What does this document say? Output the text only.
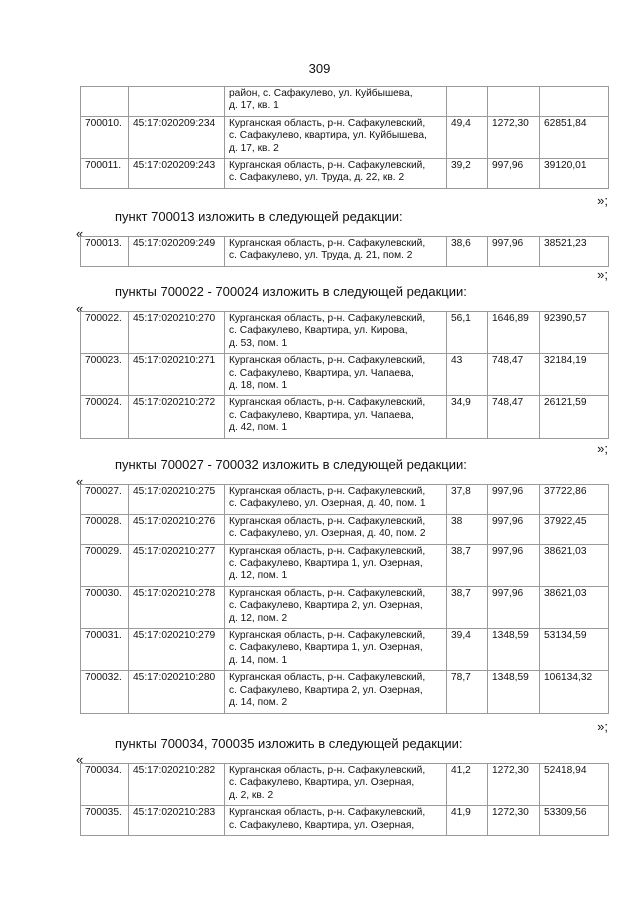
309

		район, с. Сафакулево, ул. Куйбышева,
д. 17, кв. 1			

700010.	45:17:020209:234	Курганская область, р-н. Сафакулевский,
с. Сафакулево, квартира, ул. Куйбышева,
д. 17, кв. 2	49,4	1272,30	62851,84
700011.	45:17:020209:243	Курганская область, р-н. Сафакулевский,
с. Сафакулево, ул. Труда, д. 22, кв. 2	39,2	997,96	39120,01
»;
пункт 700013 изложить в следующей редакции:
«
700013.	45:17:020209:249	Курганская область, р-н. Сафакулевский,
с. Сафакулево, ул. Труда, д. 21, пом. 2
	38,6	997,96	38521,23
»;
пункты 700022 - 700024 изложить в следующей редакции:
«
700022.	45:17:020210:270	Курганская область, р-н. Сафакулевский,
с. Сафакулево, Квартира, ул. Кирова,
д. 53, пом. 1	56,1	1646,89	92390,57
700023.	45:17:020210:271	Курганская область, р-н. Сафакулевский,
с. Сафакулево, Квартира, ул. Чапаева,
д. 18, пом. 1	43	748,47	32184,19
700024.	45:17:020210:272	Курганская область, р-н. Сафакулевский,
с. Сафакулево, Квартира, ул. Чапаева,
д. 42, пом. 1	34,9	748,47	26121,59
»;
пункты 700027 - 700032 изложить в следующей редакции:
«
700027.	45:17:020210:275	Курганская область, р-н. Сафакулевский,
с. Сафакулево, ул. Озерная, д. 40, пом. 1	37,8	997,96	37722,86
700028.	45:17:020210:276	Курганская область, р-н. Сафакулевский,
с. Сафакулево, ул. Озерная, д. 40, пом. 2	38	997,96	37922,45
700029.	45:17:020210:277	Курганская область, р-н. Сафакулевский,
с. Сафакулево, Квартира 1, ул. Озерная,
д. 12, пом. 1	38,7	997,96	38621,03
700030.	45:17:020210:278	Курганская область, р-н. Сафакулевский,
с. Сафакулево, Квартира 2, ул. Озерная,
д. 12, пом. 2	38,7	997,96	38621,03
700031.	45:17:020210:279	Курганская область, р-н. Сафакулевский,
с. Сафакулево, Квартира 1, ул. Озерная,
д. 14, пом. 1	39,4	1348,59	53134,59
700032.	45:17:020210:280	Курганская область, р-н. Сафакулевский,
с. Сафакулево, Квартира 2, ул. Озерная,
д. 14, пом. 2	78,7	1348,59	106134,32
»;
пункты 700034, 700035 изложить в следующей редакции:
«
700034.	45:17:020210:282	Курганская область, р-н. Сафакулевский,
с. Сафакулево, Квартира, ул. Озерная,
д. 2, кв. 2	41,2	1272,30	52418,94
700035.	45:17:020210:283	Курганская область, р-н. Сафакулевский,
с. Сафакулево, Квартира, ул. Озерная,	41,9	1272,30	53309,56
